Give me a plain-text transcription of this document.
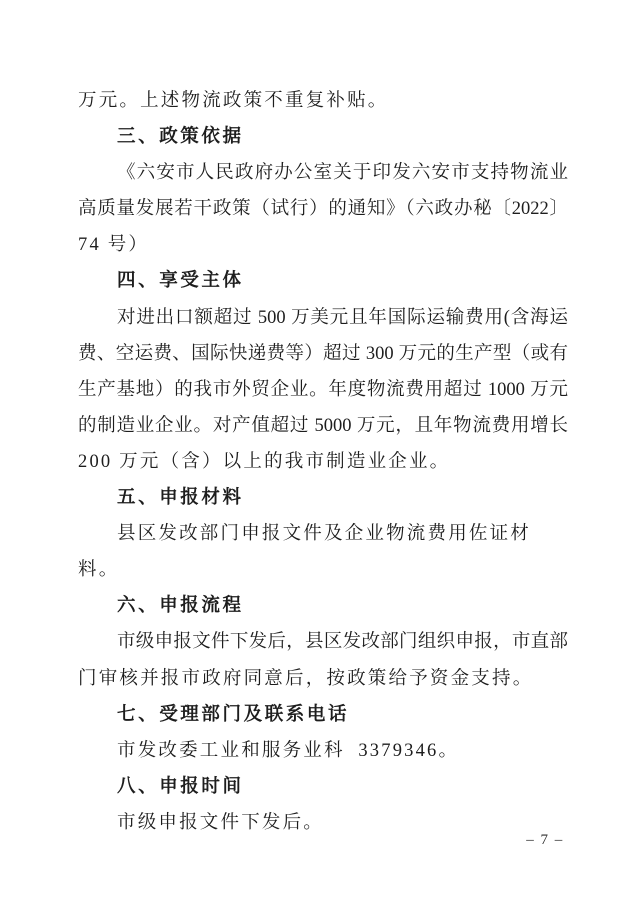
万元。上述物流政策不重复补贴。
三、政策依据
《六安市人民政府办公室关于印发六安市支持物流业
高质量发展若干政策（试行）的通知》（六政办秘〔2022〕
74 号）
四、享受主体
对进出口额超过 500 万美元且年国际运输费用(含海运
费、空运费、国际快递费等）超过 300 万元的生产型（或有
生产基地）的我市外贸企业。年度物流费用超过 1000 万元
的制造业企业。对产值超过 5000 万元，且年物流费用增长
200 万元（含）以上的我市制造业企业。
五、申报材料
县区发改部门申报文件及企业物流费用佐证材料。
六、申报流程
市级申报文件下发后，县区发改部门组织申报，市直部
门审核并报市政府同意后，按政策给予资金支持。
七、受理部门及联系电话
市发改委工业和服务业科  3379346。
八、申报时间
市级申报文件下发后。
– 7 –
